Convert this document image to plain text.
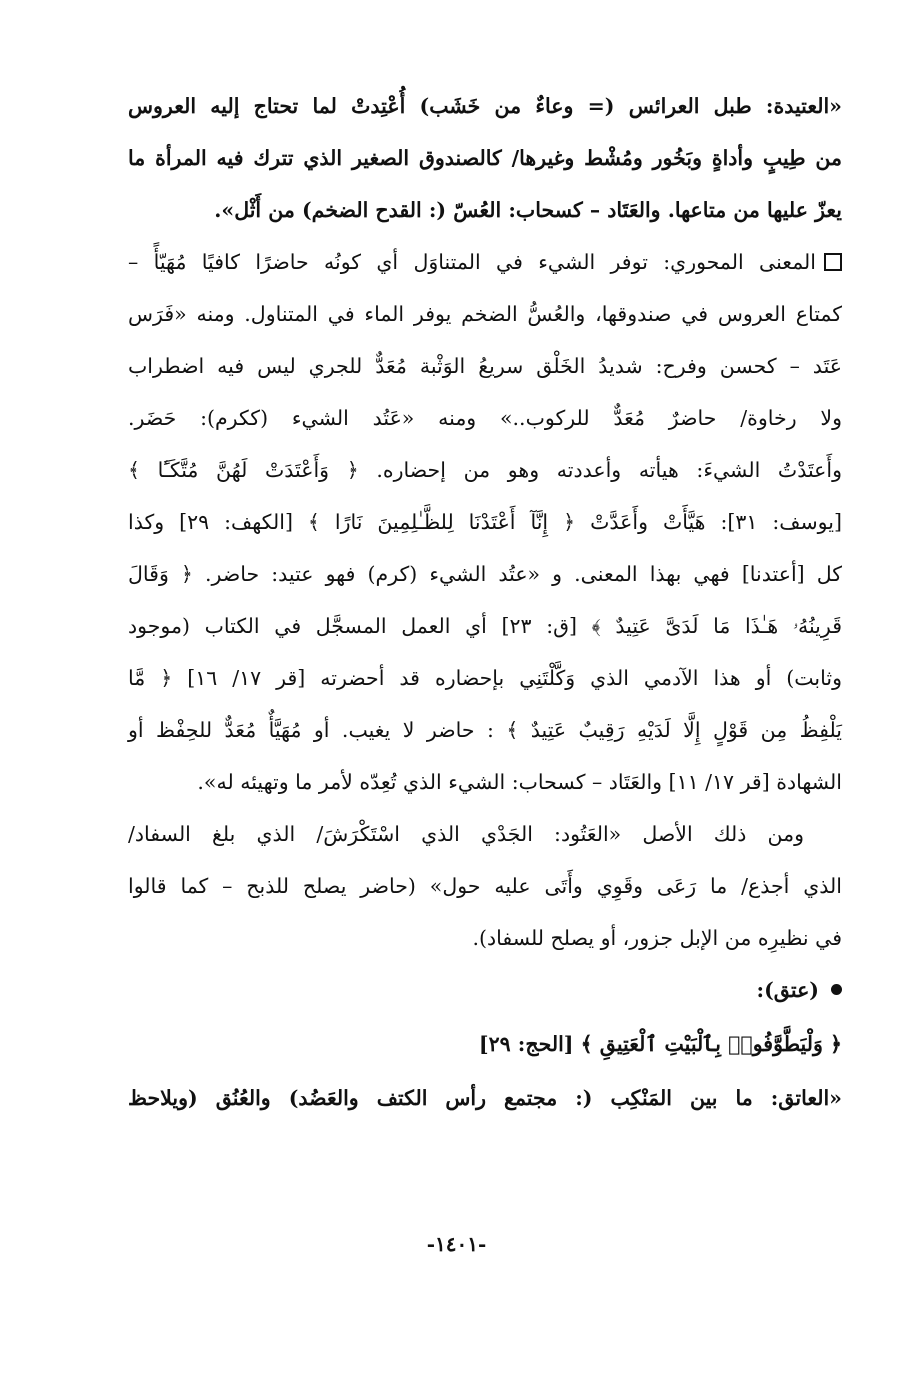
«العتيدة: طبل العرائس (= وعاءٌ من خَشَب) أُعْتِدتْ لما تحتاج إليه العروس
من طِيبٍ وأداةٍ وبَخُور ومُشْط وغيرها/ كالصندوق الصغير الذي تترك فيه المرأة ما
يعزّ عليها من متاعها. والعَتَاد – كسحاب: العُسّ (: القدح الضخم) من أَثْل».
المعنى المحوري: توفر الشيء في المتناوَل أي كونُه حاضرًا كافيًا مُهَيّأً –
كمتاع العروس في صندوقها، والعُسُّ الضخم يوفر الماء في المتناول. ومنه «فَرَس
عَتَد – كحسن وفرح: شديدُ الخَلْق سريعُ الوَثْبة مُعَدٌّ للجري ليس فيه اضطراب
ولا رخاوة/ حاضرٌ مُعَدٌّ للركوب..» ومنه «عَتُد الشيء (ككرم): حَضَر.
وأَعتَدْتُ الشيءَ: هيأته وأعددته وهو من إحضاره. ﴿ وَأَعْتَدَتْ لَهُنَّ مُتَّكَـًٔا ﴾
[يوسف: ٣١]: هَيَّأَتْ وأَعَدَّتْ ﴿ إِنَّآ أَعْتَدْنَا لِلظَّـٰلِمِينَ نَارًا ﴾ [الكهف: ٢٩] وكذا
كل [أعتدنا] فهي بهذا المعنى. و «عتُد الشيء (كرم) فهو عتيد: حاضر. ﴿ وَقَالَ
قَرِينُهُۥ هَـٰذَا مَا لَدَىَّ عَتِيدٌ ﴾ [ق: ٢٣] أي العمل المسجَّل في الكتاب (موجود
وثابت) أو هذا الآدمي الذي وَكَّلْتَنِي بإحضاره قد أحضرته [قر ١٧/ ١٦] ﴿ مَّا
يَلْفِظُ مِن قَوْلٍ إِلَّا لَدَيْهِ رَقِيبٌ عَتِيدٌ ﴾ : حاضر لا يغيب. أو مُهَيَّأٌ مُعَدٌّ للحِفْظ أو
الشهادة [قر ١٧/ ١١] والعَتَاد – كسحاب: الشيء الذي تُعِدّه لأمر ما وتهيئه له».
ومن ذلك الأصل «العَتُود: الجَدْي الذي اسْتَكْرَشَ/ الذي بلغ السفاد/
الذي أجذع/ ما رَعَى وقَوِي وأَتَى عليه حول» (حاضر يصلح للذبح – كما قالوا
في نظيرِه من الإبل جزور، أو يصلح للسفاد).
(عتق):
﴿ وَلْيَطَّوَّفُوا۟ بِٱلْبَيْتِ ٱلْعَتِيقِ ﴾ [الحج: ٢٩]
«العاتق: ما بين المَنْكِب (: مجتمع رأس الكتف والعَضُد) والعُنُق (ويلاحظ
-١٤٠١-
